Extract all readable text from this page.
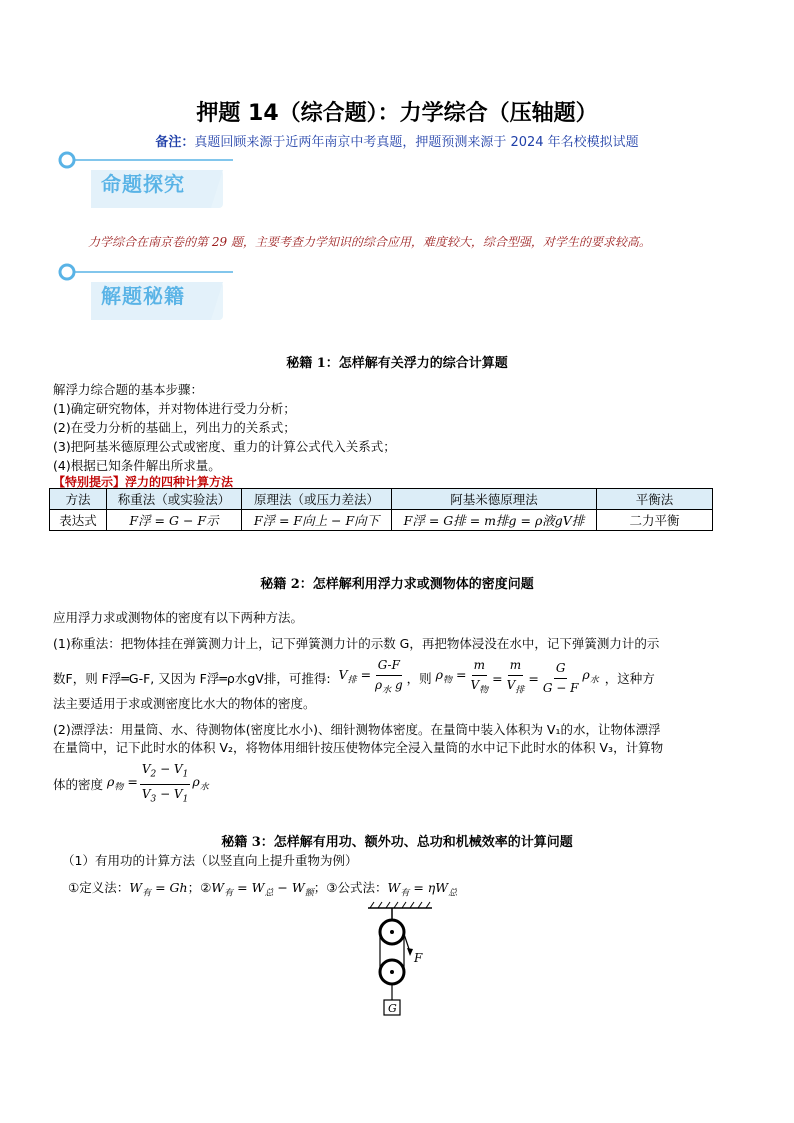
押题 14（综合题）：力学综合（压轴题）
备注：真题回顾来源于近两年南京中考真题，押题预测来源于 2024 年名校模拟试题
命题探究
力学综合在南京卷的第 29 题，主要考查力学知识的综合应用，难度较大，综合型强，对学生的要求较高。
解题秘籍
秘籍 1：怎样解有关浮力的综合计算题
解浮力综合题的基本步骤：
(1)确定研究物体，并对物体进行受力分析；
(2)在受力分析的基础上，列出力的关系式；
(3)把阿基米德原理公式或密度、重力的计算公式代入关系式；
(4)根据已知条件解出所求量。
【特别提示】浮力的四种计算方法
方法	称重法（或实验法）	原理法（或压力差法）	阿基米德原理法	平衡法
表达式	F浮 = G − F示	F浮 = F向上 − F向下	F浮 = G排 = m排g = ρ液gV排	二力平衡
秘籍 2：怎样解利用浮力求或测物体的密度问题
应用浮力求或测物体的密度有以下两种方法。
(1)称重法：把物体挂在弹簧测力计上，记下弹簧测力计的示数 G，再把物体浸没在水中，记下弹簧测力计的示
数F，则 F浮═G-F, 又因为 F浮═ρ水gV排，可推得: $V_排 = \frac{G-F}{\rho_水 g}$ ，则 $\rho_物 = \frac{m}{V_物} = \frac{m}{V_排} = \frac{G}{G - F} \rho_水$ ，这种方
法主要适用于求或测密度比水大的物体的密度。
(2)漂浮法：用量筒、水、待测物体(密度比水小)、细针测物体密度。在量筒中装入体积为 V₁的水，让物体漂浮
在量筒中，记下此时水的体积 V₂，将物体用细针按压使物体完全浸入量筒的水中记下此时水的体积 V₃，计算物
体的密度 $\rho_物 = \frac{V_2 - V_1}{V_3 - V_1} \rho_水$
秘籍 3：怎样解有用功、额外功、总功和机械效率的计算问题
（1）有用功的计算方法（以竖直向上提升重物为例）
①定义法：$W_有 = Gh$；$②W_有 = W_总 - W_额$；③公式法：$W_有 = \eta W_总$
F
G
